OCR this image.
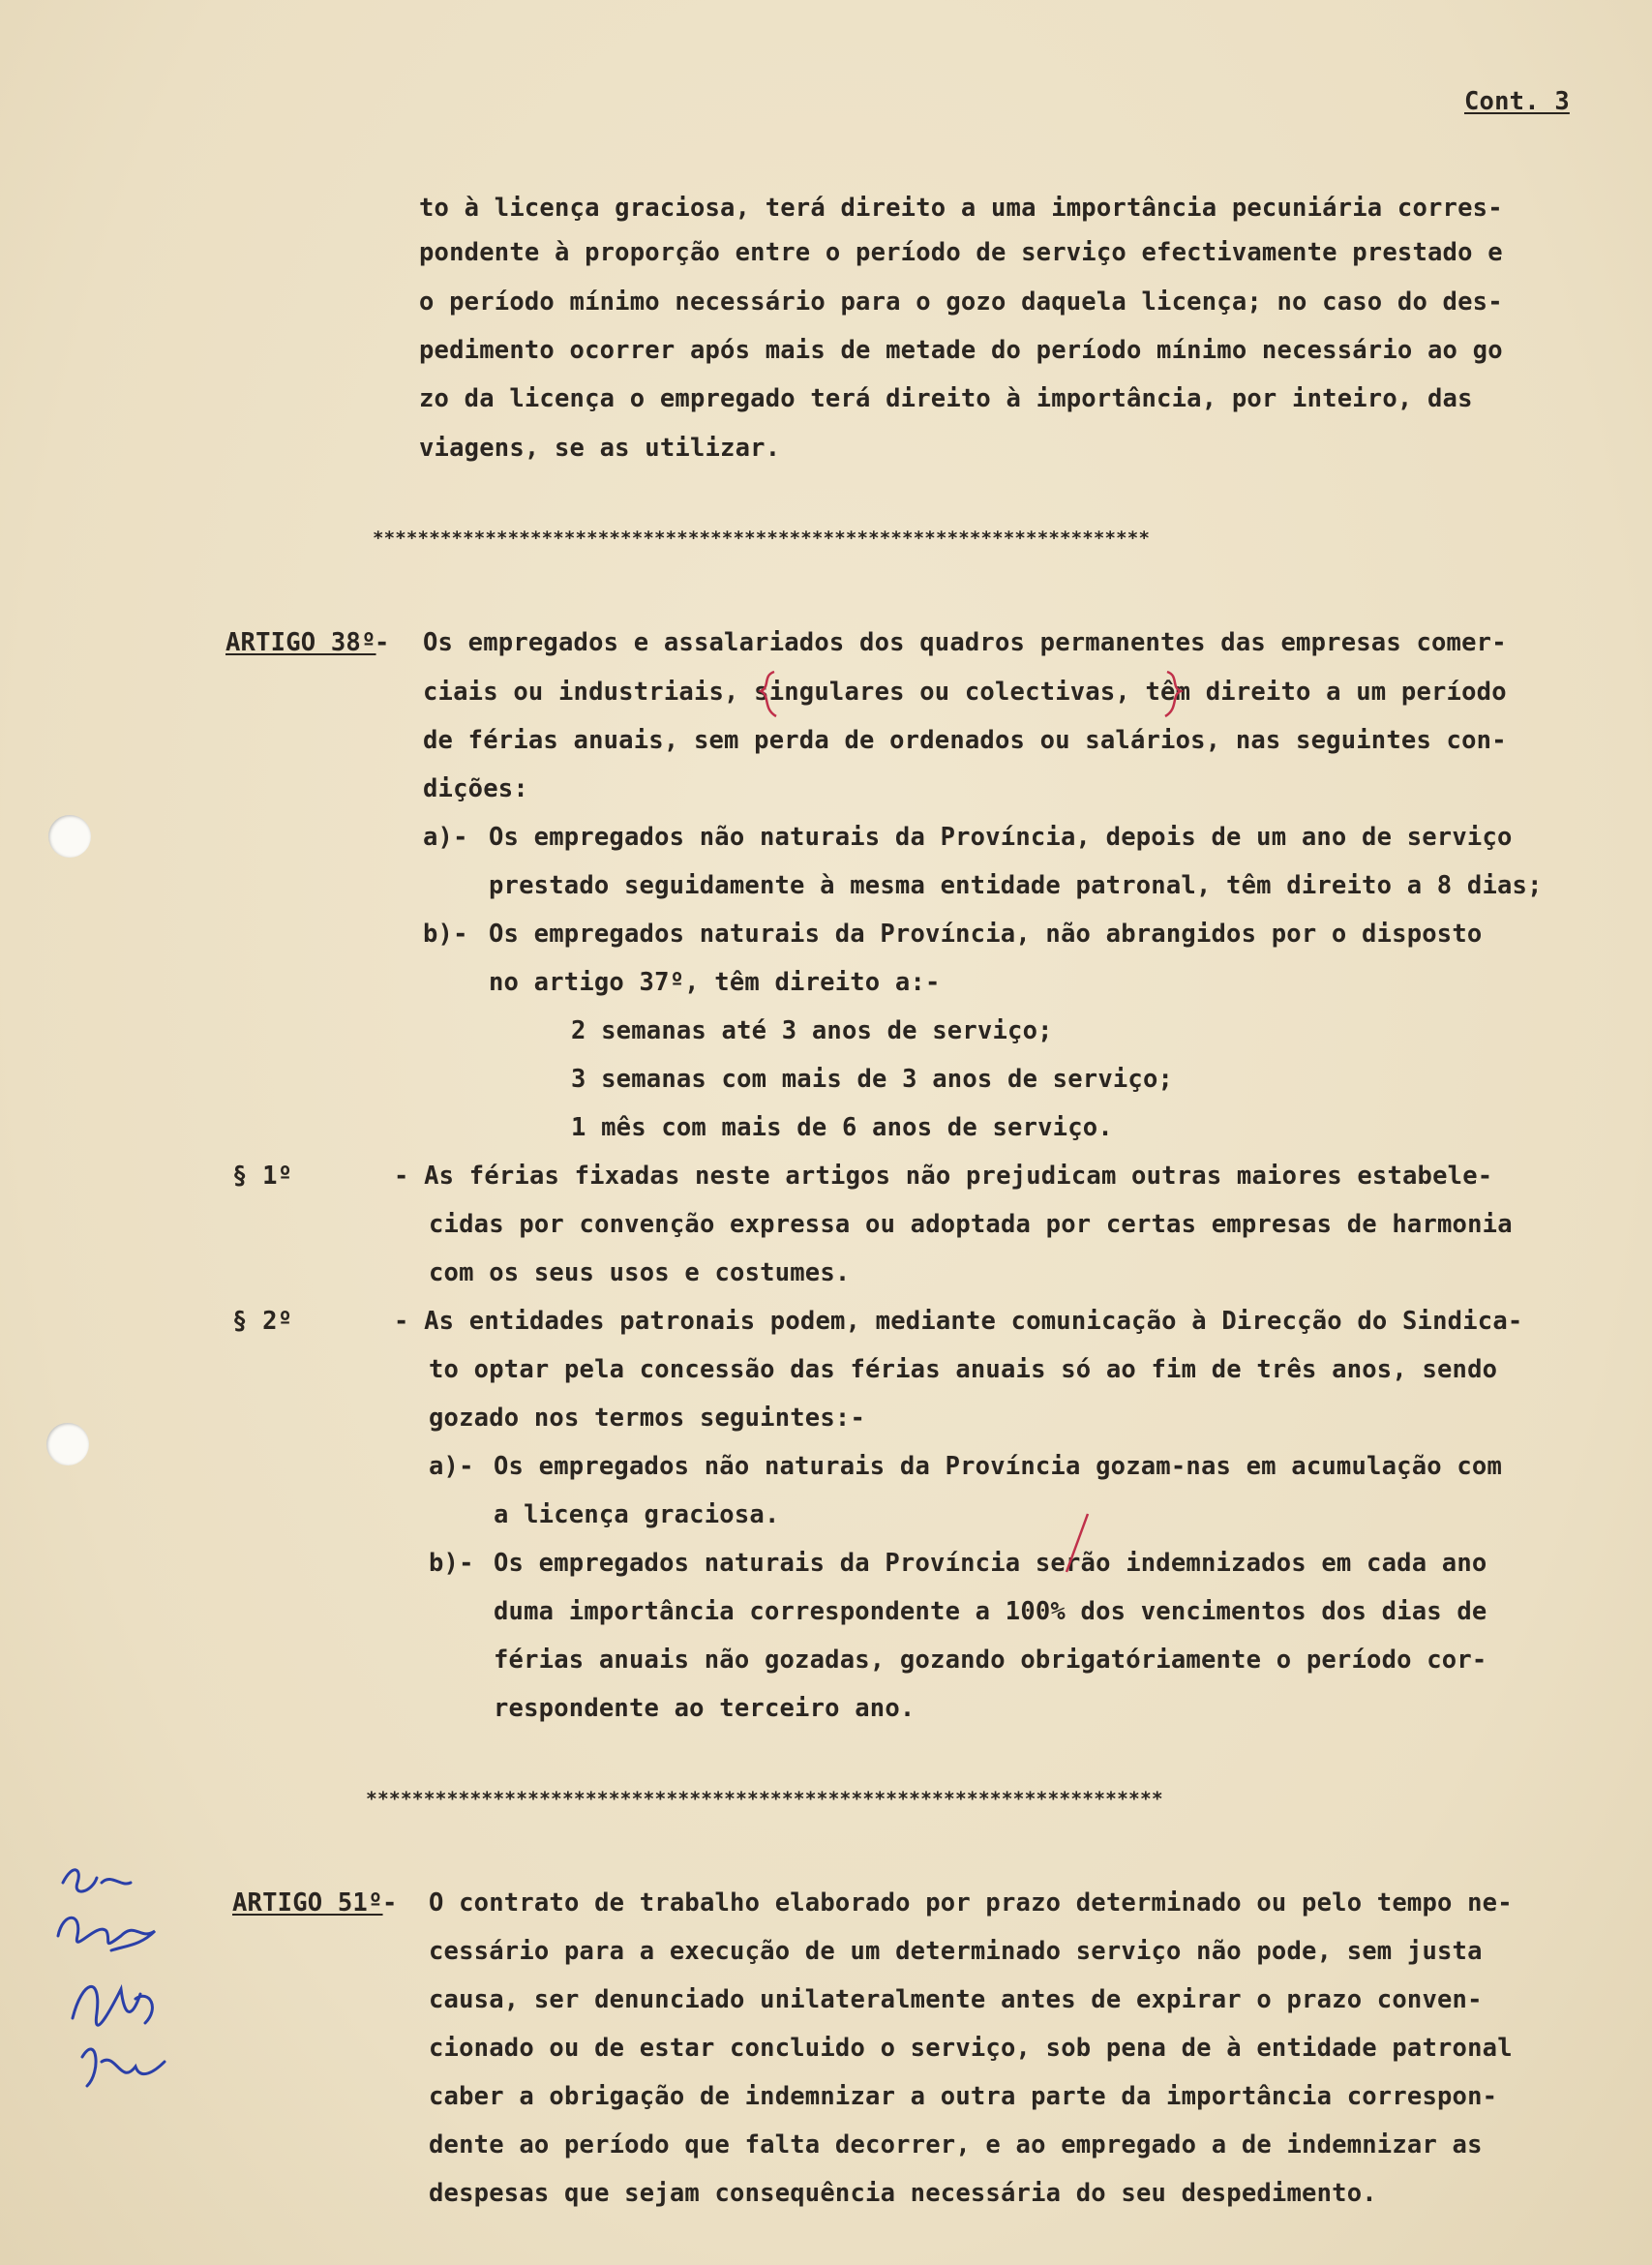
Cont. 3
to à licença graciosa, terá direito a uma importância pecuniária corres-
pondente à proporção entre o período de serviço efectivamente prestado e
o período mínimo necessário para o gozo daquela licença; no caso do des-
pedimento ocorrer após mais de metade do período mínimo necessário ao go
zo da licença o empregado terá direito à importância, por inteiro, das
viagens, se as utilizar.
*********************************************************************
ARTIGO 38º
- Os empregados e assalariados dos quadros permanentes das empresas comer-
ciais ou industriais, singulares ou colectivas, têm direito a um período
de férias anuais, sem perda de ordenados ou salários, nas seguintes con-
dições:
a)- Os empregados não naturais da Província, depois de um ano de serviço
prestado seguidamente à mesma entidade patronal, têm direito a 8 dias;
b)- Os empregados naturais da Província, não abrangidos por o disposto
no artigo 37º, têm direito a:-
2 semanas até 3 anos de serviço;
3 semanas com mais de 3 anos de serviço;
1 mês com mais de 6 anos de serviço.
§ 1º	- As férias fixadas neste artigos não prejudicam outras maiores estabele-
cidas por convenção expressa ou adoptada por certas empresas de harmonia
com os seus usos e costumes.
§ 2º	- As entidades patronais podem, mediante comunicação à Direcção do Sindica-
to optar pela concessão das férias anuais só ao fim de três anos, sendo
gozado nos termos seguintes:-
a)- Os empregados não naturais da Província gozam-nas em acumulação com
a licença graciosa.
b)- Os empregados naturais da Província serão indemnizados em cada ano
duma importância correspondente a 100% dos vencimentos dos dias de
férias anuais não gozadas, gozando obrigatóriamente o período cor-
respondente ao terceiro ano.
*********************************************************************
ARTIGO 51º - O contrato de trabalho elaborado por prazo determinado ou pelo tempo ne-
cessário para a execução de um determinado serviço não pode, sem justa
causa, ser denunciado unilateralmente antes de expirar o prazo conven-
cionado ou de estar concluido o serviço, sob pena de à entidade patronal
caber a obrigação de indemnizar a outra parte da importância correspon-
dente ao período que falta decorrer, e ao empregado a de indemnizar as
despesas que sejam consequência necessária do seu despedimento.
